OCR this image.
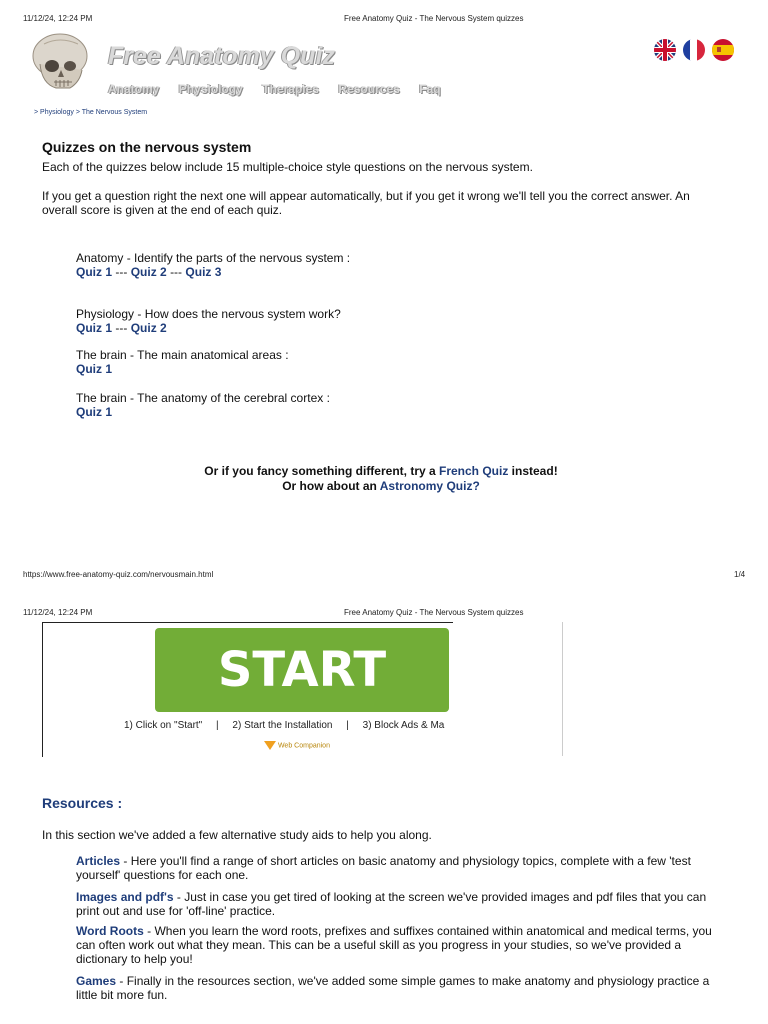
11/12/24, 12:24 PM	Free Anatomy Quiz - The Nervous System quizzes
Free Anatomy Quiz
Anatomy Physiology Therapies Resources Faq
> Physiology > The Nervous System
Quizzes on the nervous system
Each of the quizzes below include 15 multiple-choice style questions on the nervous system.
If you get a question right the next one will appear automatically, but if you get it wrong we'll tell you the correct answer. An overall score is given at the end of each quiz.
Anatomy - Identify the parts of the nervous system :
Quiz 1 --- Quiz 2 --- Quiz 3
Physiology - How does the nervous system work?
Quiz 1 --- Quiz 2
The brain - The main anatomical areas :
Quiz 1
The brain - The anatomy of the cerebral cortex :
Quiz 1
Or if you fancy something different, try a French Quiz instead!
Or how about an Astronomy Quiz?
https://www.free-anatomy-quiz.com/nervousmain.html	1/4
11/12/24, 12:24 PM	Free Anatomy Quiz - The Nervous System quizzes
START
1) Click on "Start" | 2) Start the Installation | 3) Block Ads & Ma
Web Companion
Resources :
In this section we've added a few alternative study aids to help you along.
Articles - Here you'll find a range of short articles on basic anatomy and physiology topics, complete with a few 'test yourself' questions for each one.
Images and pdf's - Just in case you get tired of looking at the screen we've provided images and pdf files that you can print out and use for 'off-line' practice.
Word Roots - When you learn the word roots, prefixes and suffixes contained within anatomical and medical terms, you can often work out what they mean. This can be a useful skill as you progress in your studies, so we've provided a dictionary to help you!
Games - Finally in the resources section, we've added some simple games to make anatomy and physiology practice a little bit more fun.
